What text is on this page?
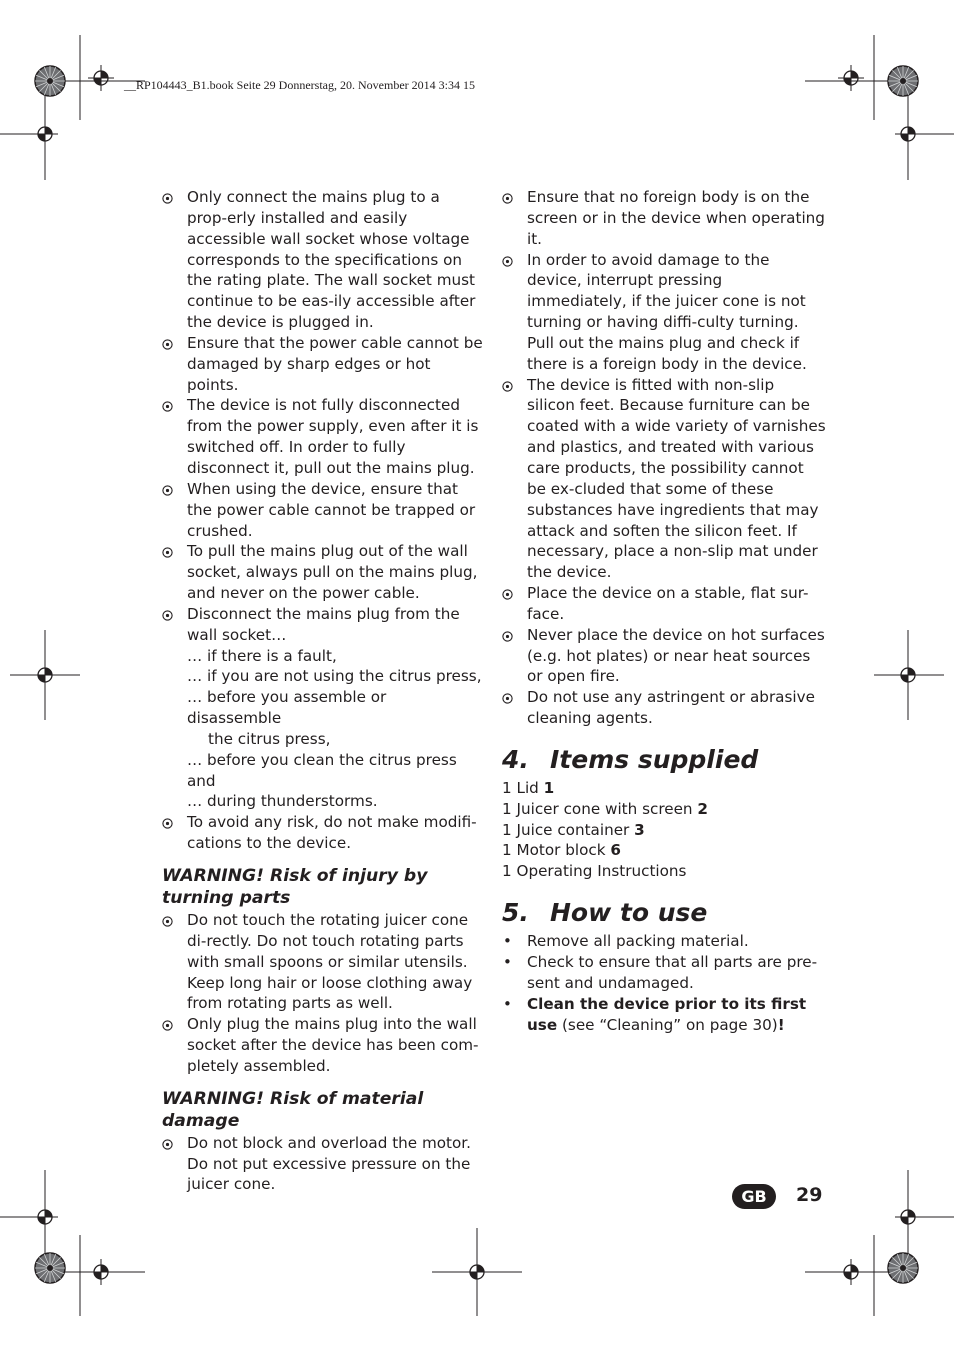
__RP104443_B1.book Seite 29 Donnerstag, 20. November 2014 3:34 15
Only connect the mains plug to a prop-erly installed and easily accessible wall socket whose voltage corresponds to the specifications on the rating plate. The wall socket must continue to be eas-ily accessible after the device is plugged in.
Ensure that the power cable cannot be damaged by sharp edges or hot points.
The device is not fully disconnected from the power supply, even after it is switched off. In order to fully disconnect it, pull out the mains plug.
When using the device, ensure that the power cable cannot be trapped or crushed.
To pull the mains plug out of the wall socket, always pull on the mains plug, and never on the power cable.
Disconnect the mains plug from the wall socket…
… if there is a fault,
… if you are not using the citrus press,
… before you assemble or disassemble
the citrus press,
… before you clean the citrus press and
… during thunderstorms.
To avoid any risk, do not make modifi-cations to the device.
WARNING! Risk of injury by turning parts
Do not touch the rotating juicer cone di-rectly. Do not touch rotating parts with small spoons or similar utensils. Keep long hair or loose clothing away from rotating parts as well.
Only plug the mains plug into the wall socket after the device has been com-pletely assembled.
WARNING! Risk of material damage
Do not block and overload the motor. Do not put excessive pressure on the juicer cone.
Ensure that no foreign body is on the screen or in the device when operating it.
In order to avoid damage to the device, interrupt pressing immediately, if the juicer cone is not turning or having diffi-culty turning. Pull out the mains plug and check if there is a foreign body in the device.
The device is fitted with non-slip silicon feet. Because furniture can be coated with a wide variety of varnishes and plastics, and treated with various care products, the possibility cannot be ex-cluded that some of these substances have ingredients that may attack and soften the silicon feet. If necessary, place a non-slip mat under the device.
Place the device on a stable, flat sur-face.
Never place the device on hot surfaces (e.g. hot plates) or near heat sources or open fire.
Do not use any astringent or abrasive cleaning agents.
4. Items supplied
1 Lid 1
1 Juicer cone with screen 2
1 Juice container 3
1 Motor block 6
1 Operating Instructions
5. How to use
• Remove all packing material.
• Check to ensure that all parts are pre-sent and undamaged.
• Clean the device prior to its first use (see “Cleaning” on page 30)!
GB	29
